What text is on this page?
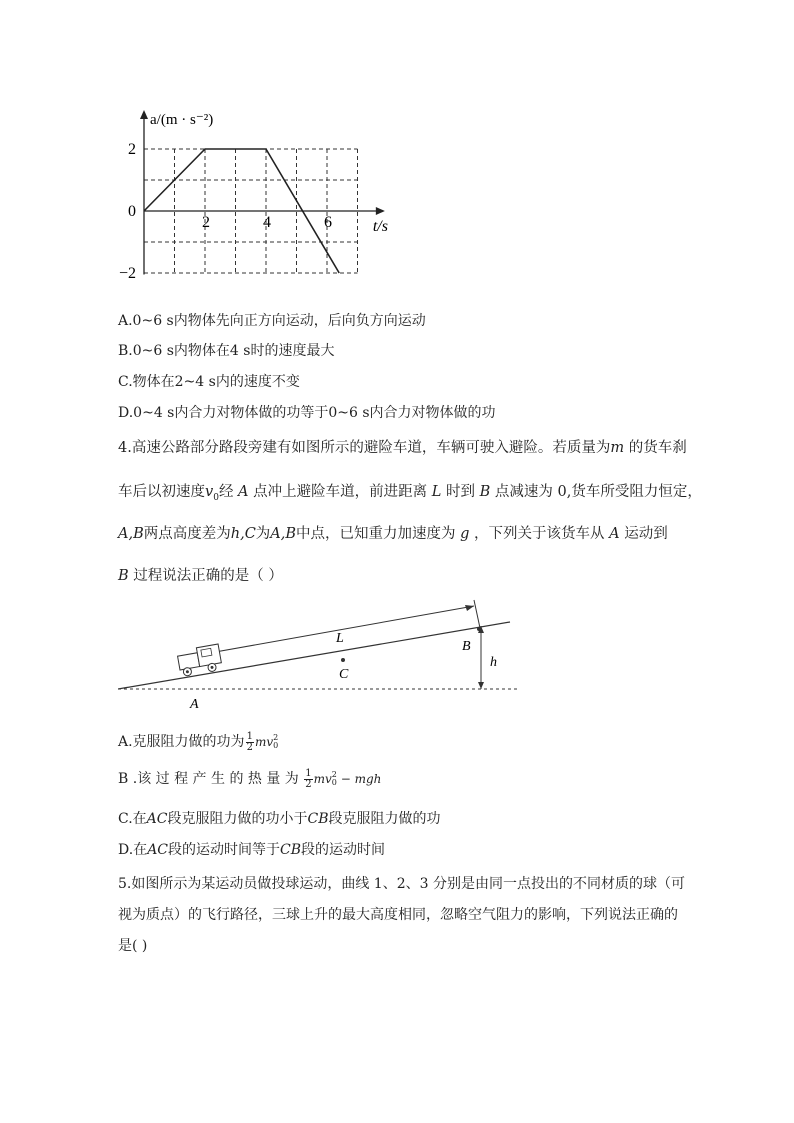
2
0
−2
2	4	6
a/(m · s⁻²)
t/s
A.0~6 s内物体先向正方向运动，后向负方向运动
B.0~6 s内物体在4 s时的速度最大
C.物体在2~4 s内的速度不变
D.0~4 s内合力对物体做的功等于0~6 s内合力对物体做的功
4.高速公路部分路段旁建有如图所示的避险车道，车辆可驶入避险。若质量为m 的货车刹
车后以初速度$v_0$经 A 点冲上避险车道，前进距离 L 时到 B 点减速为 0,货车所受阻力恒定，
A,B两点高度差为h,C为A,B中点，已知重力加速度为 g ，下列关于该货车从 A 运动到
B 过程说法正确的是（ ）
L
B
C
h
A
A.克服阻力做的功为 $\frac{1}{2}$ mv 2
0
B .该 过 程 产 生 的 热 量 为 $\frac{1}{2}$ mv 2
0 − mgh
C.在AC段克服阻力做的功小于CB段克服阻力做的功
D.在AC段的运动时间等于CB段的运动时间
5.如图所示为某运动员做投球运动，曲线 1、2、3 分别是由同一点投出的不同材质的球（可
视为质点）的飞行路径，三球上升的最大高度相同，忽略空气阻力的影响，下列说法正确的
是( )
